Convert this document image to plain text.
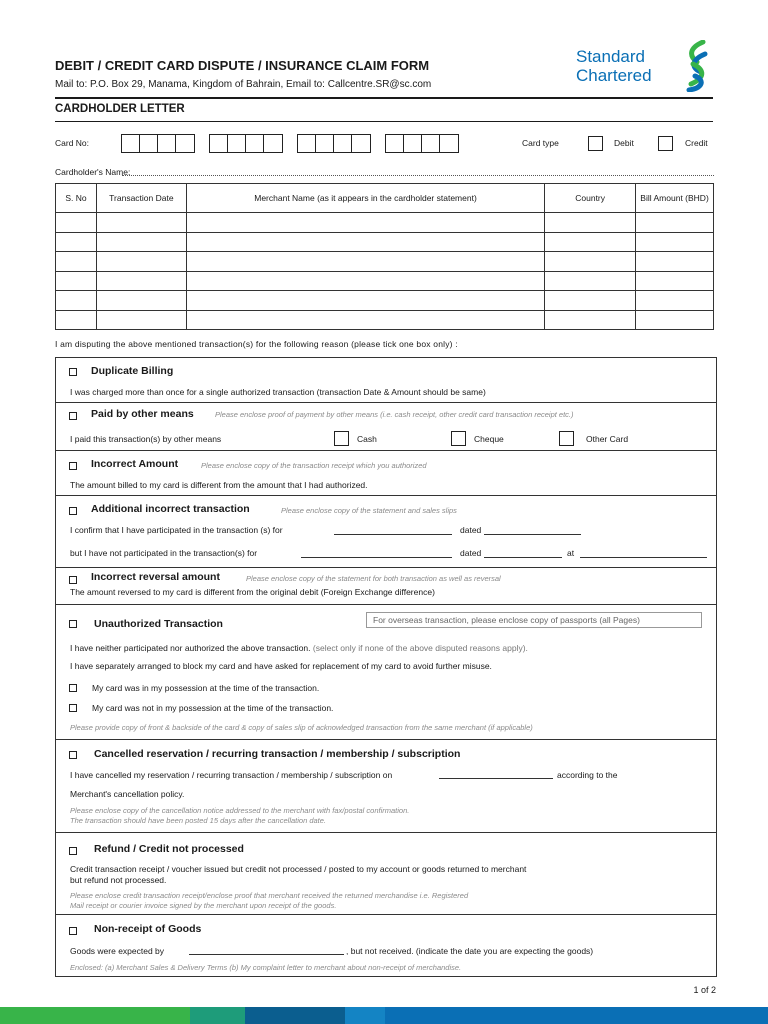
DEBIT / CREDIT CARD DISPUTE / INSURANCE CLAIM FORM
Mail to: P.O. Box 29, Manama, Kingdom of Bahrain, Email to: Callcentre.SR@sc.com
Standard
Chartered
CARDHOLDER LETTER
Card No:	Card type	Debit	Credit
Cardholder's Name:
S. No	Transaction Date	Merchant Name (as it appears in the cardholder statement)	Country	Bill Amount (BHD)

I am disputing the above mentioned transaction(s) for the following reason (please tick one box only) :
Duplicate Billing
I was charged more than once for a single authorized transaction (transaction Date & Amount should be same)
Paid by other means	Please enclose proof of payment by other means (i.e. cash receipt, other credit card transaction receipt etc.)
I paid this transaction(s) by other means	Cash	Cheque	Other Card
Incorrect Amount	Please enclose copy of the transaction receipt which you authorized
The amount billed to my card is different from the amount that I had authorized.
Additional incorrect transaction	Please enclose copy of the statement and sales slips
I confirm that I have participated in the transaction (s) for	dated
but I have not participated in the transaction(s) for	dated	at
Incorrect reversal amount	Please enclose copy of the statement for both transaction as well as reversal
The amount reversed to my card is different from the original debit (Foreign Exchange difference)
Unauthorized Transaction	For overseas transaction, please enclose copy of passports (all Pages)
I have neither participated nor authorized the above transaction. (select only if none of the above disputed reasons apply).
I have separately arranged to block my card and have asked for replacement of my card to avoid further misuse.
My card was in my possession at the time of the transaction.
My card was not in my possession at the time of the transaction.
Please provide copy of front & backside of the card & copy of sales slip of acknowledged transaction from the same merchant (if applicable)
Cancelled reservation / recurring transaction / membership / subscription
I have cancelled my reservation / recurring transaction / membership / subscription on	according to the
Merchant's cancellation policy.
Please enclose copy of the cancellation notice addressed to the merchant with fax/postal confirmation.
The transaction should have been posted 15 days after the cancellation date.
Refund / Credit not processed
Credit transaction receipt / voucher issued but credit not processed / posted to my account or goods returned to merchant
but refund not processed.
Please enclose credit transaction receipt/enclose proof that merchant received the returned merchandise i.e. Registered
Mail receipt or courier invoice signed by the merchant upon receipt of the goods.
Non-receipt of Goods
Goods were expected by	, but not received. (indicate the date you are expecting the goods)
Enclosed: (a) Merchant Sales & Delivery Terms (b) My complaint letter to merchant about non-receipt of merchandise.
1 of 2
